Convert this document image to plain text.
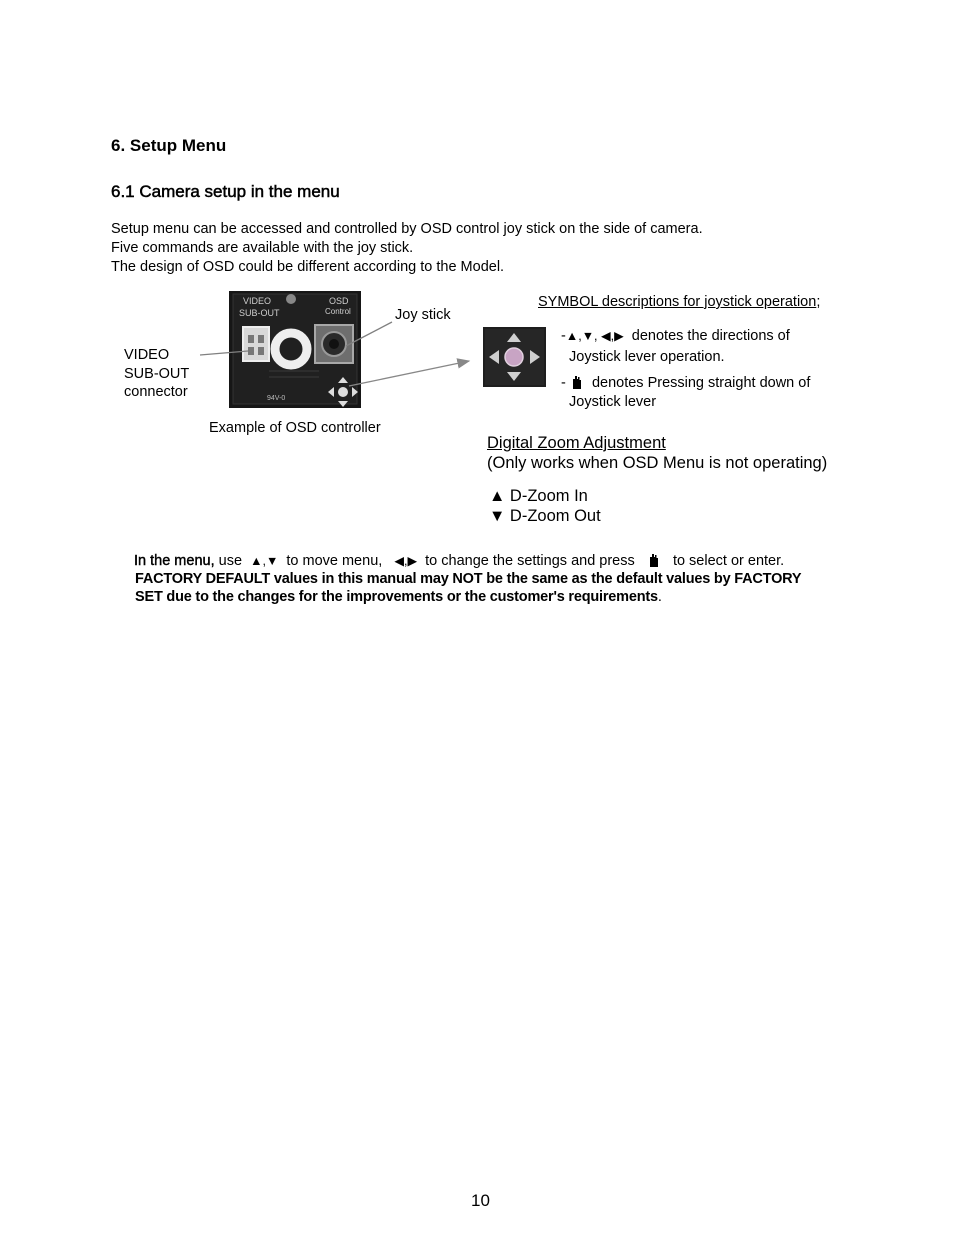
6. Setup Menu
6.1 Camera setup in the menu
Setup menu can be accessed and controlled by OSD control joy stick on the side of camera.
Five commands are available with the joy stick.
The design of OSD could be different according to the Model.
VIDEO
SUB-OUT
OSD
Control
94V-0
VIDEO
SUB-OUT
connector
Joy stick
Example of OSD controller
SYMBOL descriptions for joystick operation;
-▲,▼, ◀,▶ denotes the directions of
Joystick lever operation.
- denotes Pressing straight down of
Joystick lever
Digital Zoom Adjustment
(Only works when OSD Menu is not operating)
▲ D-Zoom In
▼ D-Zoom Out
In the menu, use ▲,▼ to move menu, ◀,▶ to change the settings and press	to select or enter.
FACTORY DEFAULT values in this manual may NOT be the same as the default values by FACTORY
SET due to the changes for the improvements or the customer's requirements.
10
